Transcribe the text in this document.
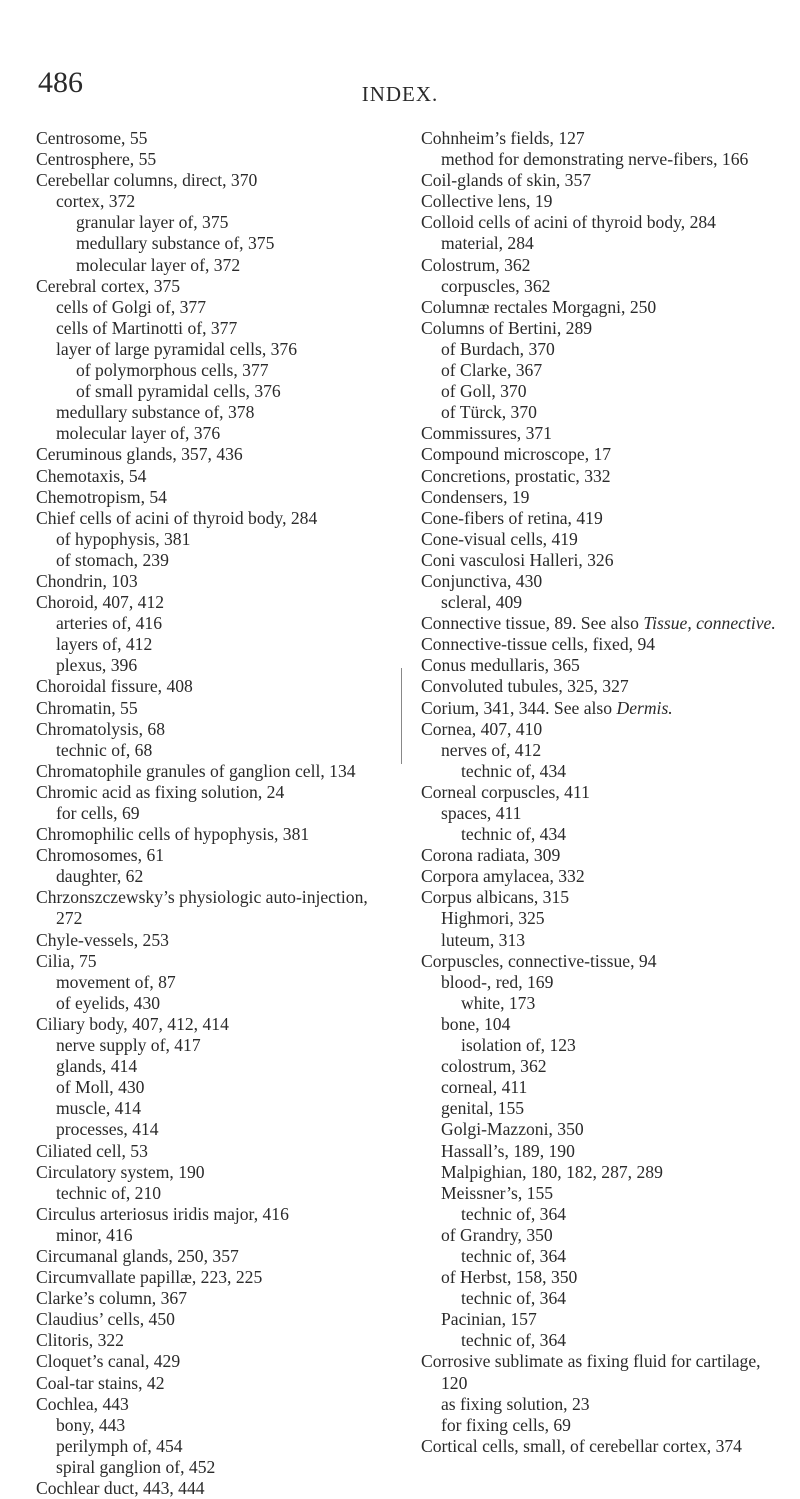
486	INDEX.
Centrosome, 55
Centrosphere, 55
Cerebellar columns, direct, 370
cortex, 372
granular layer of, 375
medullary substance of, 375
molecular layer of, 372
Cerebral cortex, 375
cells of Golgi of, 377
cells of Martinotti of, 377
layer of large pyramidal cells, 376
of polymorphous cells, 377
of small pyramidal cells, 376
medullary substance of, 378
molecular layer of, 376
Ceruminous glands, 357, 436
Chemotaxis, 54
Chemotropism, 54
Chief cells of acini of thyroid body, 284
of hypophysis, 381
of stomach, 239
Chondrin, 103
Choroid, 407, 412
arteries of, 416
layers of, 412
plexus, 396
Choroidal fissure, 408
Chromatin, 55
Chromatolysis, 68
technic of, 68
Chromatophile granules of ganglion cell, 134
Chromic acid as fixing solution, 24
for cells, 69
Chromophilic cells of hypophysis, 381
Chromosomes, 61
daughter, 62
Chrzonszczewsky’s physiologic auto-injection, 272
Chyle-vessels, 253
Cilia, 75
movement of, 87
of eyelids, 430
Ciliary body, 407, 412, 414
nerve supply of, 417
glands, 414
of Moll, 430
muscle, 414
processes, 414
Ciliated cell, 53
Circulatory system, 190
technic of, 210
Circulus arteriosus iridis major, 416
minor, 416
Circumanal glands, 250, 357
Circumvallate papillæ, 223, 225
Clarke’s column, 367
Claudius’ cells, 450
Clitoris, 322
Cloquet’s canal, 429
Coal-tar stains, 42
Cochlea, 443
bony, 443
perilymph of, 454
spiral ganglion of, 452
Cochlear duct, 443, 444
Cohnheim’s fields, 127
method for demonstrating nerve-fibers, 166
Coil-glands of skin, 357
Collective lens, 19
Colloid cells of acini of thyroid body, 284
material, 284
Colostrum, 362
corpuscles, 362
Columnæ rectales Morgagni, 250
Columns of Bertini, 289
of Burdach, 370
of Clarke, 367
of Goll, 370
of Türck, 370
Commissures, 371
Compound microscope, 17
Concretions, prostatic, 332
Condensers, 19
Cone-fibers of retina, 419
Cone-visual cells, 419
Coni vasculosi Halleri, 326
Conjunctiva, 430
scleral, 409
Connective tissue, 89. See also Tissue, connective.
Connective-tissue cells, fixed, 94
Conus medullaris, 365
Convoluted tubules, 325, 327
Corium, 341, 344. See also Dermis.
Cornea, 407, 410
nerves of, 412
technic of, 434
Corneal corpuscles, 411
spaces, 411
technic of, 434
Corona radiata, 309
Corpora amylacea, 332
Corpus albicans, 315
Highmori, 325
luteum, 313
Corpuscles, connective-tissue, 94
blood-, red, 169
white, 173
bone, 104
isolation of, 123
colostrum, 362
corneal, 411
genital, 155
Golgi-Mazzoni, 350
Hassall’s, 189, 190
Malpighian, 180, 182, 287, 289
Meissner’s, 155
technic of, 364
of Grandry, 350
technic of, 364
of Herbst, 158, 350
technic of, 364
Pacinian, 157
technic of, 364
Corrosive sublimate as fixing fluid for cartilage, 120
as fixing solution, 23
for fixing cells, 69
Cortical cells, small, of cerebellar cortex, 374
